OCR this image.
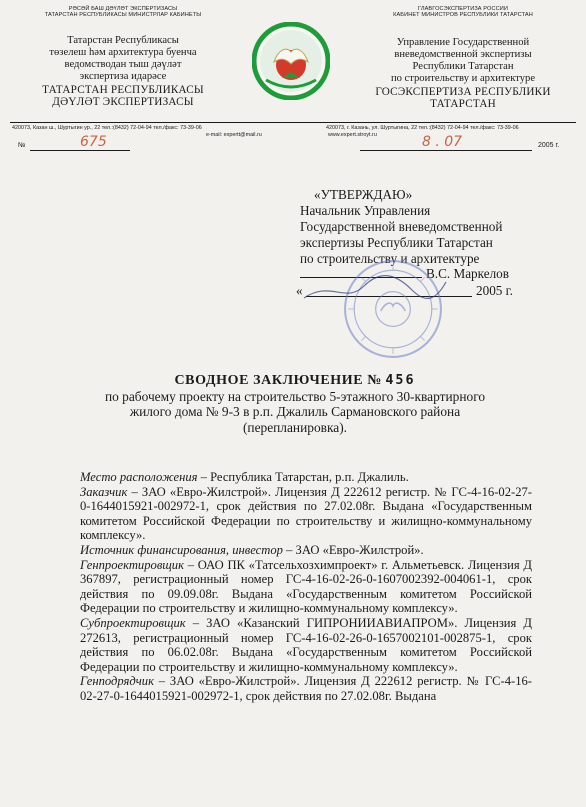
РӘСӘЙ БАШ ДӘҮЛӘТ ЭКСПЕРТИЗАСЫ
ТАТАРСТАН РЕСПУБЛИКАСЫ МИНИСТРЛАР КАБИНЕТЫ
Татарстан Республикасы
төзелеш һәм архитектура буенча
ведомстводан тыш дәүләт
экспертиза идарәсе
ТАТАРСТАН РЕСПУБЛИКАСЫ
ДӘҮЛӘТ ЭКСПЕРТИЗАСЫ
ГЛАВГОСЭКСПЕРТИЗА РОССИИ
КАБИНЕТ МИНИСТРОВ РЕСПУБЛИКИ ТАТАРСТАН
Управление Государственной
вневедомственной экспертизы
Республики Татарстан
по строительству и архитектуре
ГОСЭКСПЕРТИЗА РЕСПУБЛИКИ
ТАТАРСТАН
420073, Казан ш., Шуртыгин ур., 22 тел.:(8432) 72-04-94 тел./факс: 73-39-06	420073, г. Казань, ул. Шуртыгина, 22 тел.:(8432) 72-04-94 тел./факс: 73-39-06
e-mail: expertt@mail.ru	www.expert.stroyt.ru
№	675	8 . 07	2005 г.
«УТВЕРЖДАЮ»
Начальник Управления
Государственной вневедомственной
экспертизы Республики Татарстан
по строительству и архитектуре
В.С. Маркелов
«	2005 г.
СВОДНОЕ ЗАКЛЮЧЕНИЕ № 456
по рабочему проекту на строительство 5-этажного 30-квартирного
жилого дома № 9-3 в р.п. Джалиль Сармановского района
(перепланировка).

Место расположения – Республика Татарстан, р.п. Джалиль.

Заказчик – ЗАО «Евро-Жилстрой». Лицензия Д 222612 регистр. № ГС-4-16-02-27-0-1644015921-002972-1, срок действия по 27.02.08г. Выдана «Государственным комитетом Российской Федерации по строительству и жилищно-коммунальному комплексу».

Источник финансирования, инвестор – ЗАО «Евро-Жилстрой».

Генпроектировщик – ОАО ПК «Татсельхозхимпроект» г. Альметьевск. Лицензия Д 367897, регистрационный номер ГС-4-16-02-26-0-1607002392-004061-1, срок действия по 09.09.08г. Выдана «Государственным комитетом Российской Федерации по строительству и жилищно-коммунальному комплексу».

Субпроектировщик – ЗАО «Казанский ГИПРОНИИАВИАПРОМ». Лицензия Д 272613, регистрационный номер ГС-4-16-02-26-0-1657002101-002875-1, срок действия по 06.02.08г. Выдана «Государственным комитетом Российской Федерации по строительству и жилищно-коммунальному комплексу».

Генподрядчик – ЗАО «Евро-Жилстрой». Лицензия Д 222612 регистр. № ГС-4-16-02-27-0-1644015921-002972-1, срок действия по 27.02.08г. Выдана
